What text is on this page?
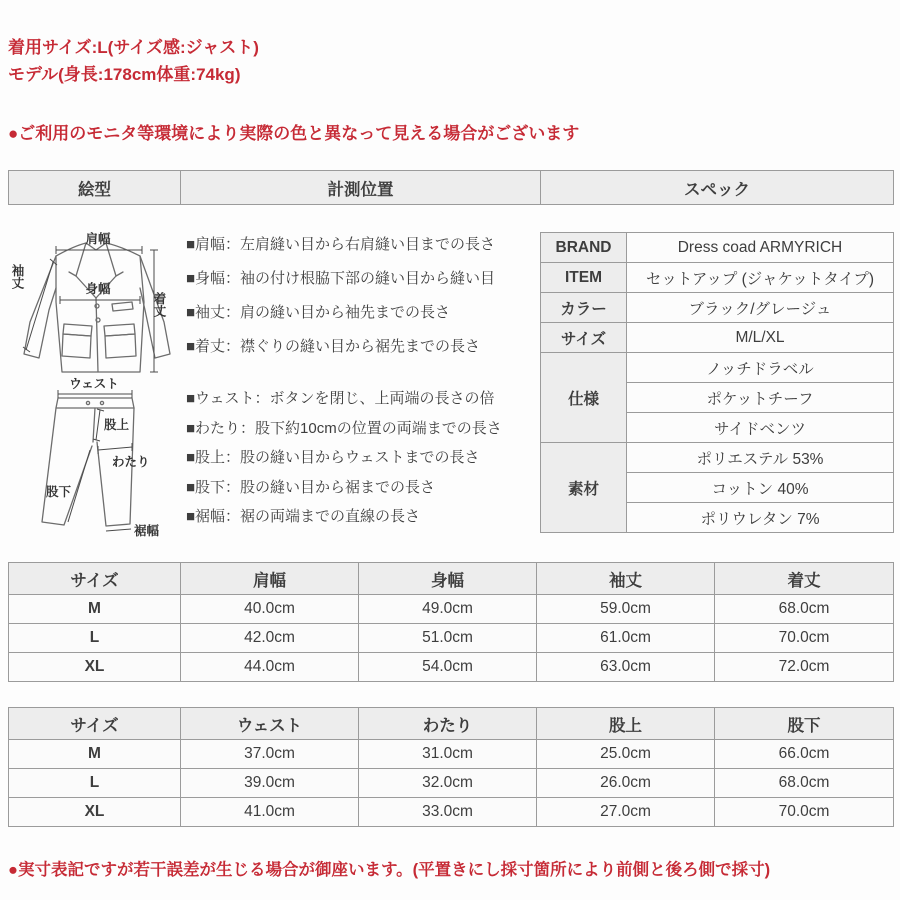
着用サイズ:L(サイズ感:ジャスト)
モデル(身長:178cm体重:74kg)
●ご利用のモニタ等環境により実際の色と異なって見える場合がございます
絵型	計測位置	スペック
肩幅
袖丈	身幅
着丈
ウェスト
股上
わたり
股下
裾幅
■肩幅：左肩縫い目から右肩縫い目までの長さ
■身幅：袖の付け根脇下部の縫い目から縫い目
■袖丈：肩の縫い目から袖先までの長さ
■着丈：襟ぐりの縫い目から裾先までの長さ
■ウェスト：ボタンを閉じ、上両端の長さの倍
■わたり：股下約10cmの位置の両端までの長さ
■股上：股の縫い目からウェストまでの長さ
■股下：股の縫い目から裾までの長さ
■裾幅：裾の両端までの直線の長さ
BRAND	Dress coad ARMYRICH
ITEM	セットアップ (ジャケットタイプ)
カラー	ブラック/グレージュ
サイズ	M/L/XL
仕様	ノッチドラベル
	ポケットチーフ
	サイドベンツ
素材	ポリエステル 53%
	コットン 40%
	ポリウレタン 7%
サイズ	肩幅	身幅	袖丈	着丈
M	40.0cm	49.0cm	59.0cm	68.0cm
L	42.0cm	51.0cm	61.0cm	70.0cm
XL	44.0cm	54.0cm	63.0cm	72.0cm
サイズ	ウェスト	わたり	股上	股下
M	37.0cm	31.0cm	25.0cm	66.0cm
L	39.0cm	32.0cm	26.0cm	68.0cm
XL	41.0cm	33.0cm	27.0cm	70.0cm
●実寸表記ですが若干誤差が生じる場合が御座います。(平置きにし採寸箇所により前側と後ろ側で採寸)
